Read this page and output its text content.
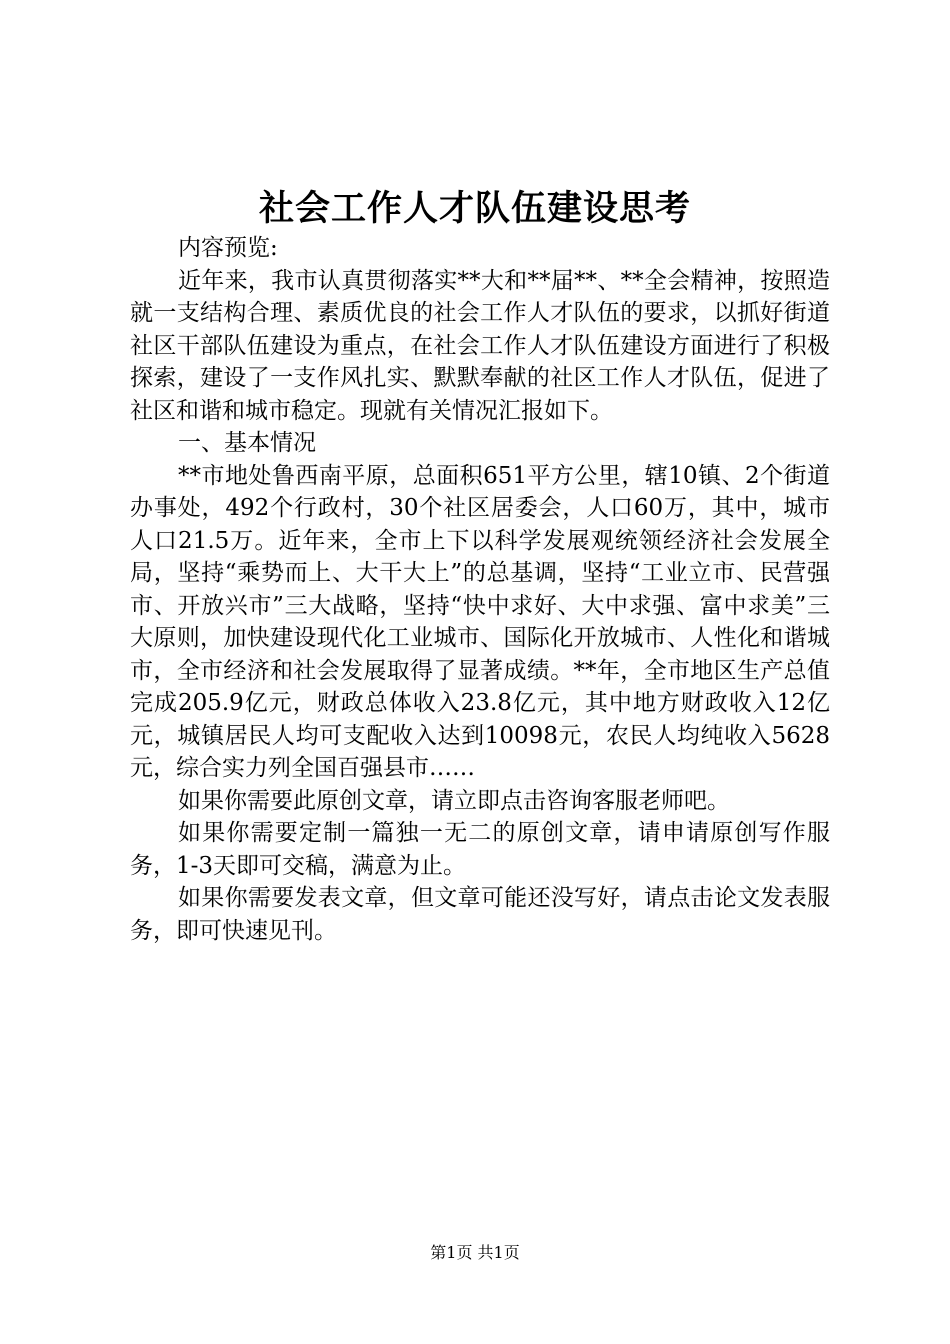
社会工作人才队伍建设思考

内容预览:

近年来，我市认真贯彻落实**大和**届**、**全会精神，按照造就一支结构合理、素质优良的社会工作人才队伍的要求，以抓好街道社区干部队伍建设为重点，在社会工作人才队伍建设方面进行了积极探索，建设了一支作风扎实、默默奉献的社区工作人才队伍，促进了社区和谐和城市稳定。现就有关情况汇报如下。

一、基本情况

**市地处鲁西南平原，总面积651平方公里，辖10镇、2个街道办事处，492个行政村，30个社区居委会，人口60万，其中，城市人口21.5万。近年来，全市上下以科学发展观统领经济社会发展全局，坚持“乘势而上、大干大上”的总基调，坚持“工业立市、民营强市、开放兴市”三大战略，坚持“快中求好、大中求强、富中求美”三大原则，加快建设现代化工业城市、国际化开放城市、人性化和谐城市，全市经济和社会发展取得了显著成绩。**年，全市地区生产总值完成205.9亿元，财政总体收入23.8亿元，其中地方财政收入12亿元，城镇居民人均可支配收入达到10098元，农民人均纯收入5628元，综合实力列全国百强县市……

如果你需要此原创文章，请立即点击咨询客服老师吧。

如果你需要定制一篇独一无二的原创文章，请申请原创写作服务，1-3天即可交稿，满意为止。

如果你需要发表文章，但文章可能还没写好，请点击论文发表服务，即可快速见刊。

第1页 共1页
